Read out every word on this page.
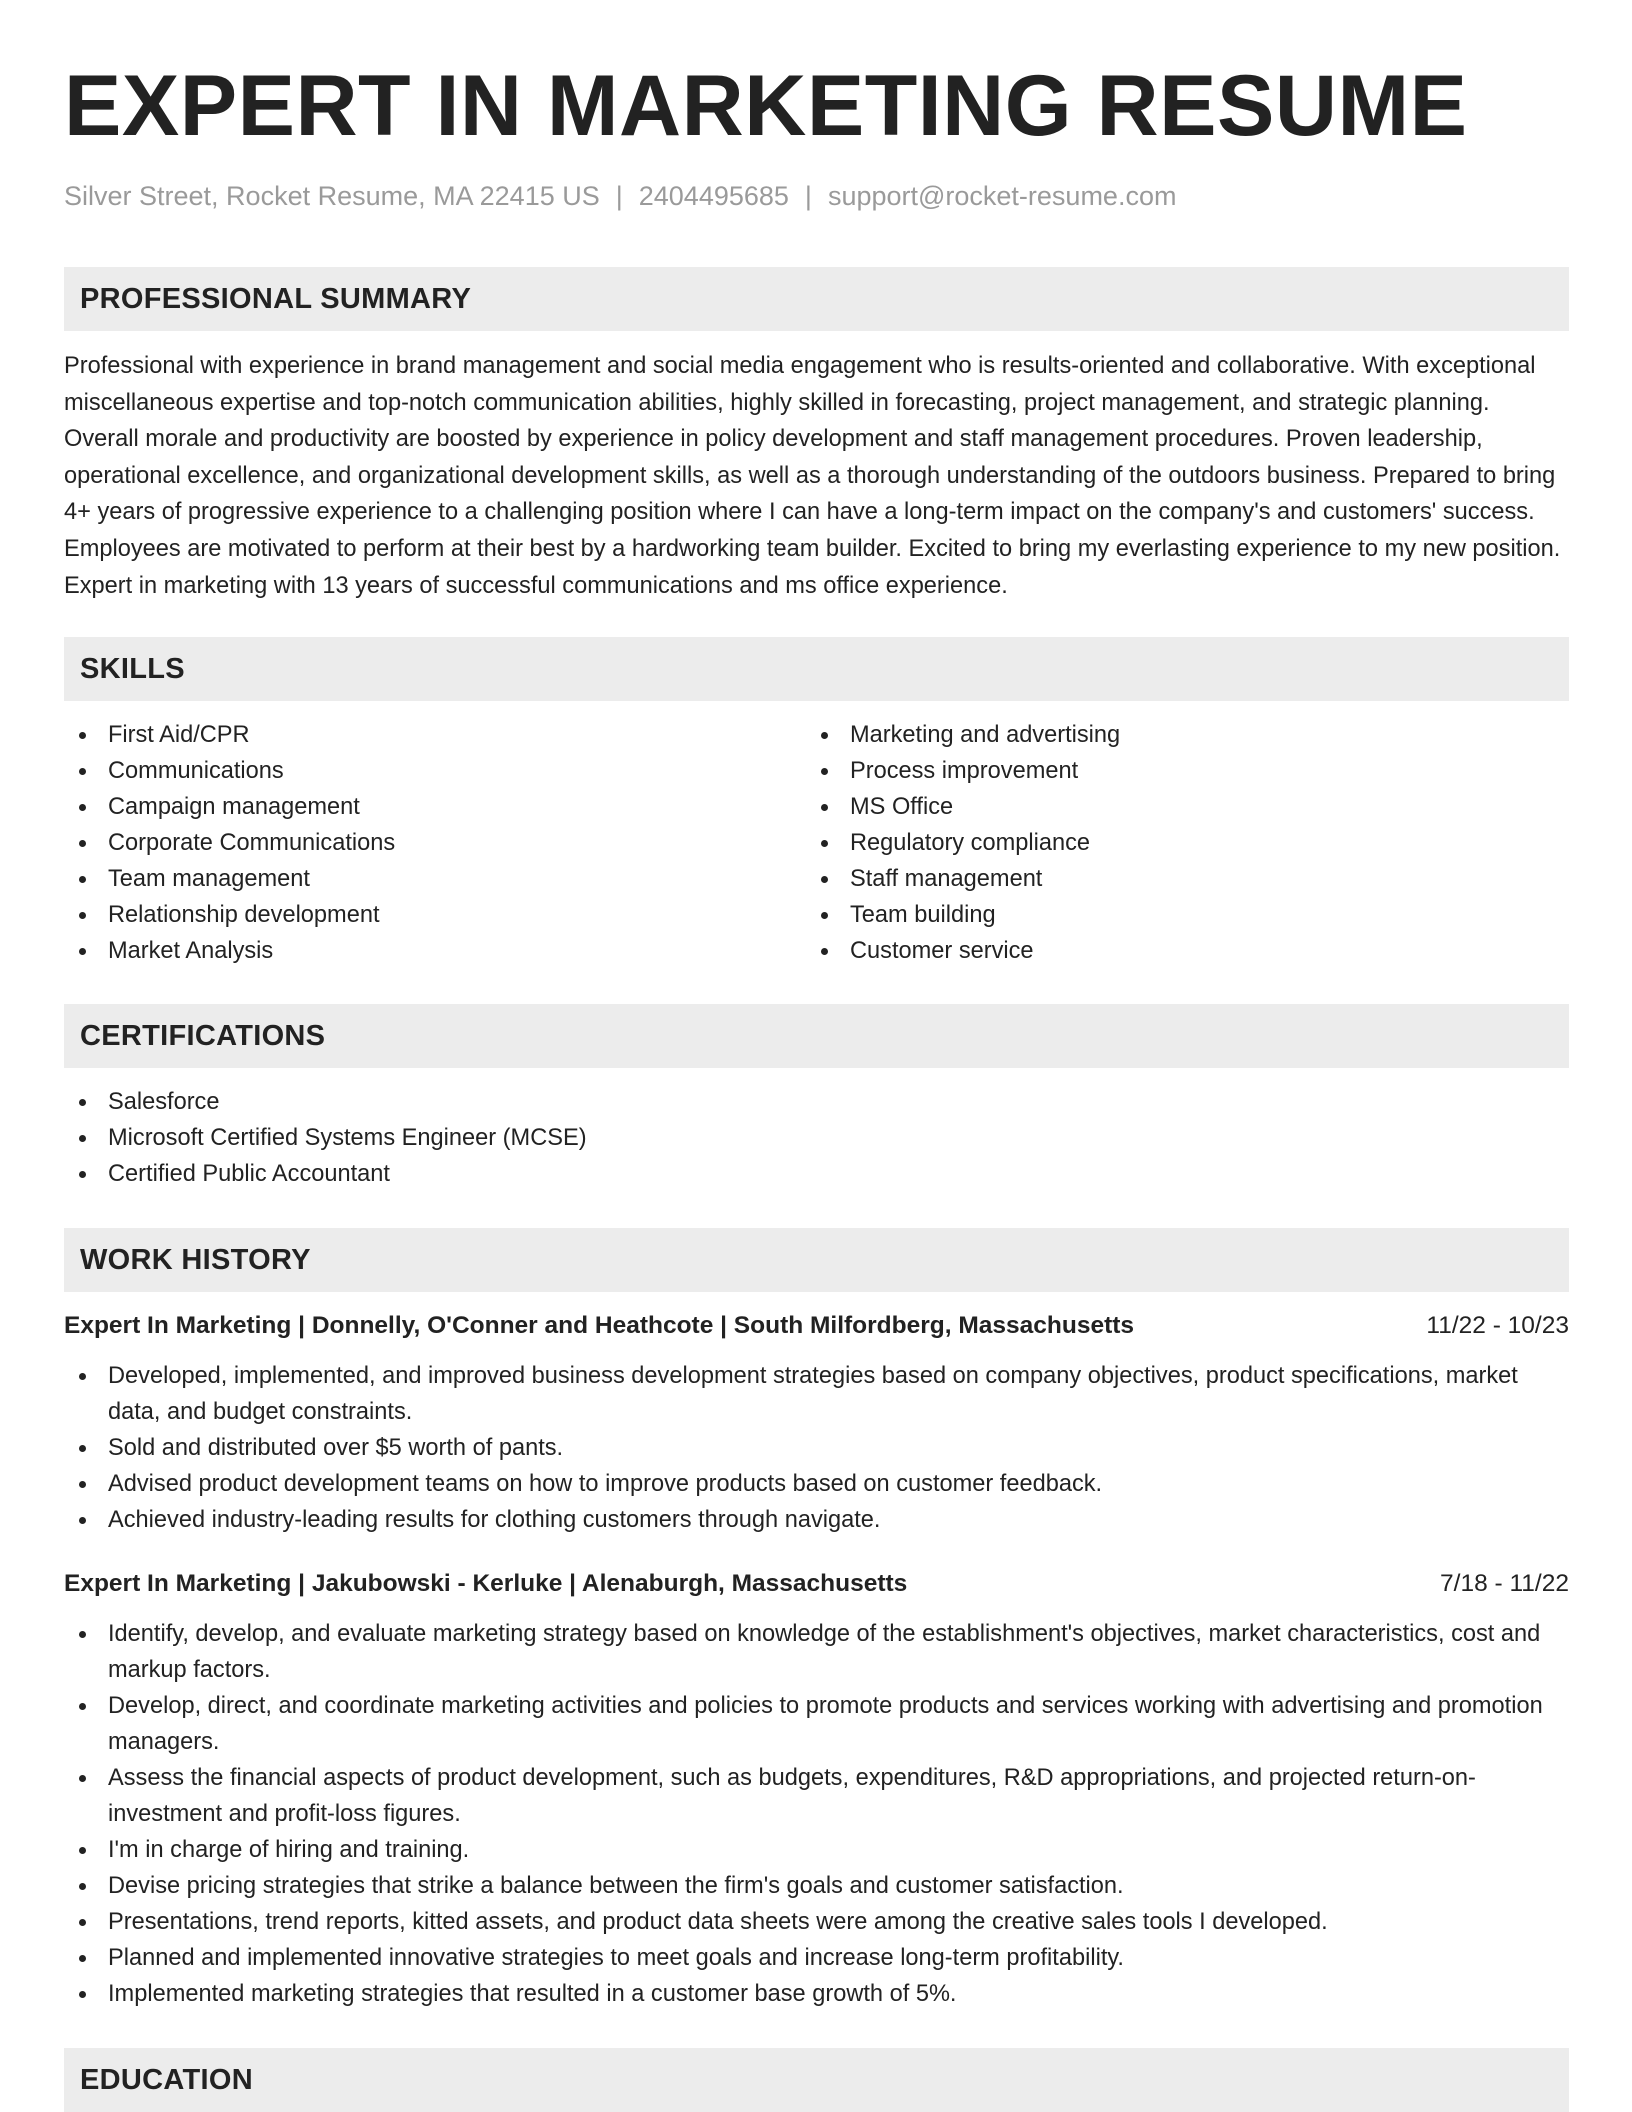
EXPERT IN MARKETING RESUME
Silver Street, Rocket Resume, MA 22415 US | 2404495685 | support@rocket-resume.com
PROFESSIONAL SUMMARY

Professional with experience in brand management and social media engagement who is results-oriented and collaborative. With exceptional miscellaneous expertise and top-notch communication abilities, highly skilled in forecasting, project management, and strategic planning. Overall morale and productivity are boosted by experience in policy development and staff management procedures. Proven leadership, operational excellence, and organizational development skills, as well as a thorough understanding of the outdoors business. Prepared to bring 4+ years of progressive experience to a challenging position where I can have a long-term impact on the company's and customers' success. Employees are motivated to perform at their best by a hardworking team builder. Excited to bring my everlasting experience to my new position. Expert in marketing with 13 years of successful communications and ms office experience.

SKILLS
First Aid/CPR
Communications
Campaign management
Corporate Communications
Team management
Relationship development
Market Analysis
Marketing and advertising
Process improvement
MS Office
Regulatory compliance
Staff management
Team building
Customer service
CERTIFICATIONS
Salesforce
Microsoft Certified Systems Engineer (MCSE)
Certified Public Accountant
WORK HISTORY
Expert In Marketing | Donnelly, O'Conner and Heathcote | South Milfordberg, Massachusetts	11/22 - 10/23
Developed, implemented, and improved business development strategies based on company objectives, product specifications, market data, and budget constraints.
Sold and distributed over $5 worth of pants.
Advised product development teams on how to improve products based on customer feedback.
Achieved industry-leading results for clothing customers through navigate.
Expert In Marketing | Jakubowski - Kerluke | Alenaburgh, Massachusetts	7/18 - 11/22
Identify, develop, and evaluate marketing strategy based on knowledge of the establishment's objectives, market characteristics, cost and markup factors.
Develop, direct, and coordinate marketing activities and policies to promote products and services working with advertising and promotion managers.
Assess the financial aspects of product development, such as budgets, expenditures, R&D appropriations, and projected return-on-investment and profit-loss figures.
I'm in charge of hiring and training.
Devise pricing strategies that strike a balance between the firm's goals and customer satisfaction.
Presentations, trend reports, kitted assets, and product data sheets were among the creative sales tools I developed.
Planned and implemented innovative strategies to meet goals and increase long-term profitability.
Implemented marketing strategies that resulted in a customer base growth of 5%.
EDUCATION
